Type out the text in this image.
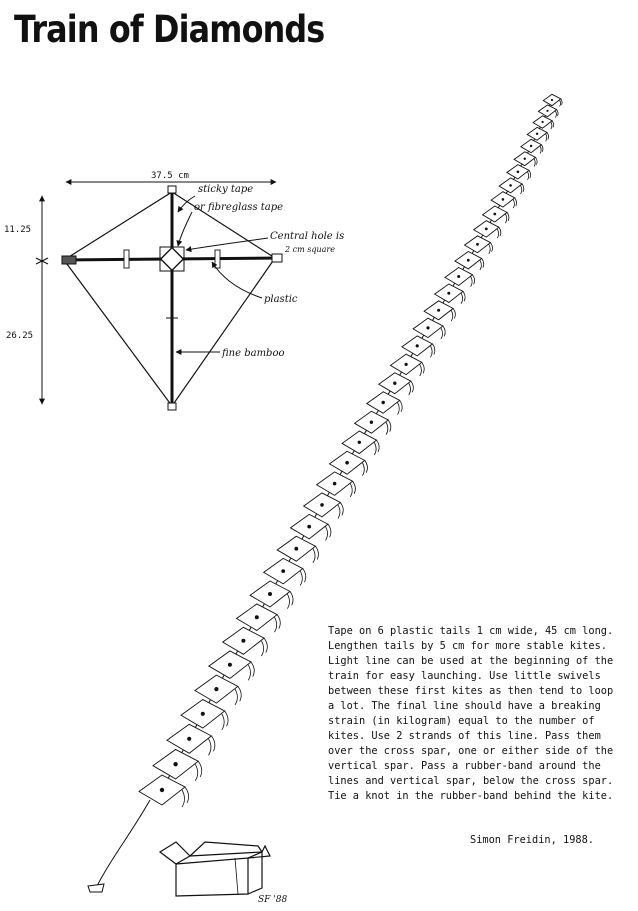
Train of Diamonds
37.5 cm
11.25
26.25
sticky tape
or fibreglass tape
Central hole is
2 cm square
plastic
fine bamboo
SF '88

Tape on 6 plastic tails 1 cm wide, 45 cm long. Lengthen tails by 5 cm for more stable kites. Light line can be used at the beginning of the train for easy launching. Use little swivels between these first kites as then tend to loop a lot. The final line should have a breaking strain (in kilogram) equal to the number of kites. Use 2 strands of this line. Pass them over the cross spar, one or either side of the vertical spar. Pass a rubber-band around the lines and vertical spar, below the cross spar. Tie a knot in the rubber-band behind the kite.

Simon Freidin, 1988.
